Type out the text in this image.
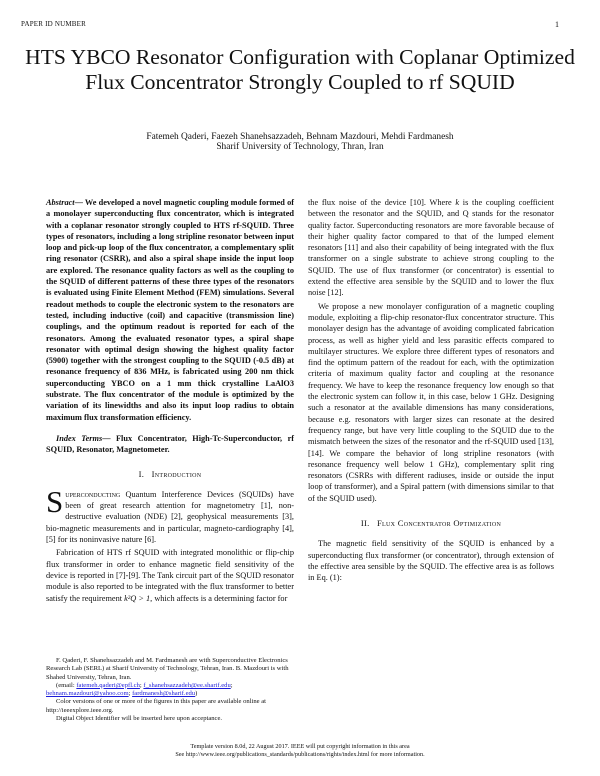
PAPER ID NUMBER	1
HTS YBCO Resonator Configuration with Coplanar Optimized Flux Concentrator Strongly Coupled to rf SQUID
Fatemeh Qaderi, Faezeh Shanehsazzadeh, Behnam Mazdouri, Mehdi Fardmanesh
Sharif University of Technology, Thran, Iran

Abstract— We developed a novel magnetic coupling module formed of a monolayer superconducting flux concentrator, which is integrated with a coplanar resonator strongly coupled to HTS rf-SQUID. Three types of resonators, including a long stripline resonator between input loop and pick-up loop of the flux concentrator, a complementary split ring resonator (CSRR), and also a spiral shape inside the input loop are explored. The resonance quality factors as well as the coupling to the SQUID of different patterns of these three types of the resonators is evaluated using Finite Element Method (FEM) simulations. Several readout methods to couple the electronic system to the resonators are tested, including inductive (coil) and capacitive (transmission line) couplings, and the optimum readout is reported for each of the resonators. Among the evaluated resonator types, a spiral shape resonator with optimal design showing the highest quality factor (5900) together with the strongest coupling to the SQUID (-0.5 dB) at resonance frequency of 836 MHz, is fabricated using 200 nm thick superconducting YBCO on a 1 mm thick crystalline LaAlO3 substrate. The flux concentrator of the module is optimized by the variation of its linewidths and also its input loop radius to obtain maximum flux transformation efficiency.

Index Terms— Flux Concentrator, High-Tc-Superconductor, rf SQUID, Resonator, Magnetometer.

I. Introduction

Superconducting Quantum Interference Devices (SQUIDs) have been of great research attention for magnetometry [1], non-destructive evaluation (NDE) [2], geophysical measurements [3], bio-magnetic measurements and in particular, magneto-cardiography [4], [5] for its noninvasive nature [6].

Fabrication of HTS rf SQUID with integrated monolithic or flip-chip flux transformer in order to enhance magnetic field sensitivity of the device is reported in [7]-[9]. The Tank circuit part of the SQUID resonator module is also reported to be integrated with the flux transformer to better satisfy the requirement k²Q > 1, which affects is a determining factor for

the flux noise of the device [10]. Where k is the coupling coefficient between the resonator and the SQUID, and Q stands for the resonator quality factor. Superconducting resonators are more favorable because of their higher quality factor compared to that of the lumped element resonators [11] and also their capability of being integrated with the flux transformer on a single substrate to achieve strong coupling to the SQUID. The use of flux transformer (or concentrator) is essential to extend the effective area sensible by the SQUID and to lower the flux noise [12].

We propose a new monolayer configuration of a magnetic coupling module, exploiting a flip-chip resonator-flux concentrator structure. This monolayer design has the advantage of avoiding complicated fabrication process, as well as higher yield and less parasitic effects compared to multilayer structures. We explore three different types of resonators and find the optimum pattern of the readout for each, with the optimization criteria of maximum quality factor and coupling at the resonance frequency. We have to keep the resonance frequency low enough so that the electronic system can follow it, in this case, below 1 GHz. Designing such a resonator at the available dimensions has many considerations, because e.g. resonators with larger sizes can resonate at the desired frequency range, but have very little coupling to the SQUID due to the mismatch between the sizes of the resonator and the rf-SQUID used [13], [14]. We compare the behavior of long stripline resonators (with resonance frequency well below 1 GHz), complementary split ring resonators (CSRRs with different radiuses, inside or outside the input loop of transformer), and a Spiral pattern (with dimensions similar to that of the SQUID used).

II. Flux Concentrator Optimization

The magnetic field sensitivity of the SQUID is enhanced by a superconducting flux transformer (or concentrator), through extension of the effective area sensible by the SQUID. The effective area is as follows in Eq. (1):

F. Qaderi, F. Shanehsazzadeh and M. Fardmanesh are with Superconductive Electronics Research Lab (SERL) at Sharif University of Technology, Tehran, Iran. B. Mazdouri is with Shahed University, Tehran, Iran.

(email: fatemeh.qaderi@epfl.ch; f_shanehsazzadeh@ee.sharif.edu; behnam.mazdouri@yahoo.com; fardmanesh@sharif.edu)

Color versions of one or more of the figures in this paper are available online at http://ieeexplore.ieee.org.

Digital Object Identifier will be inserted here upon acceptance.

Template version 8.0d, 22 August 2017. IEEE will put copyright information in this area
See http://www.ieee.org/publications_standards/publications/rights/index.html for more information.
